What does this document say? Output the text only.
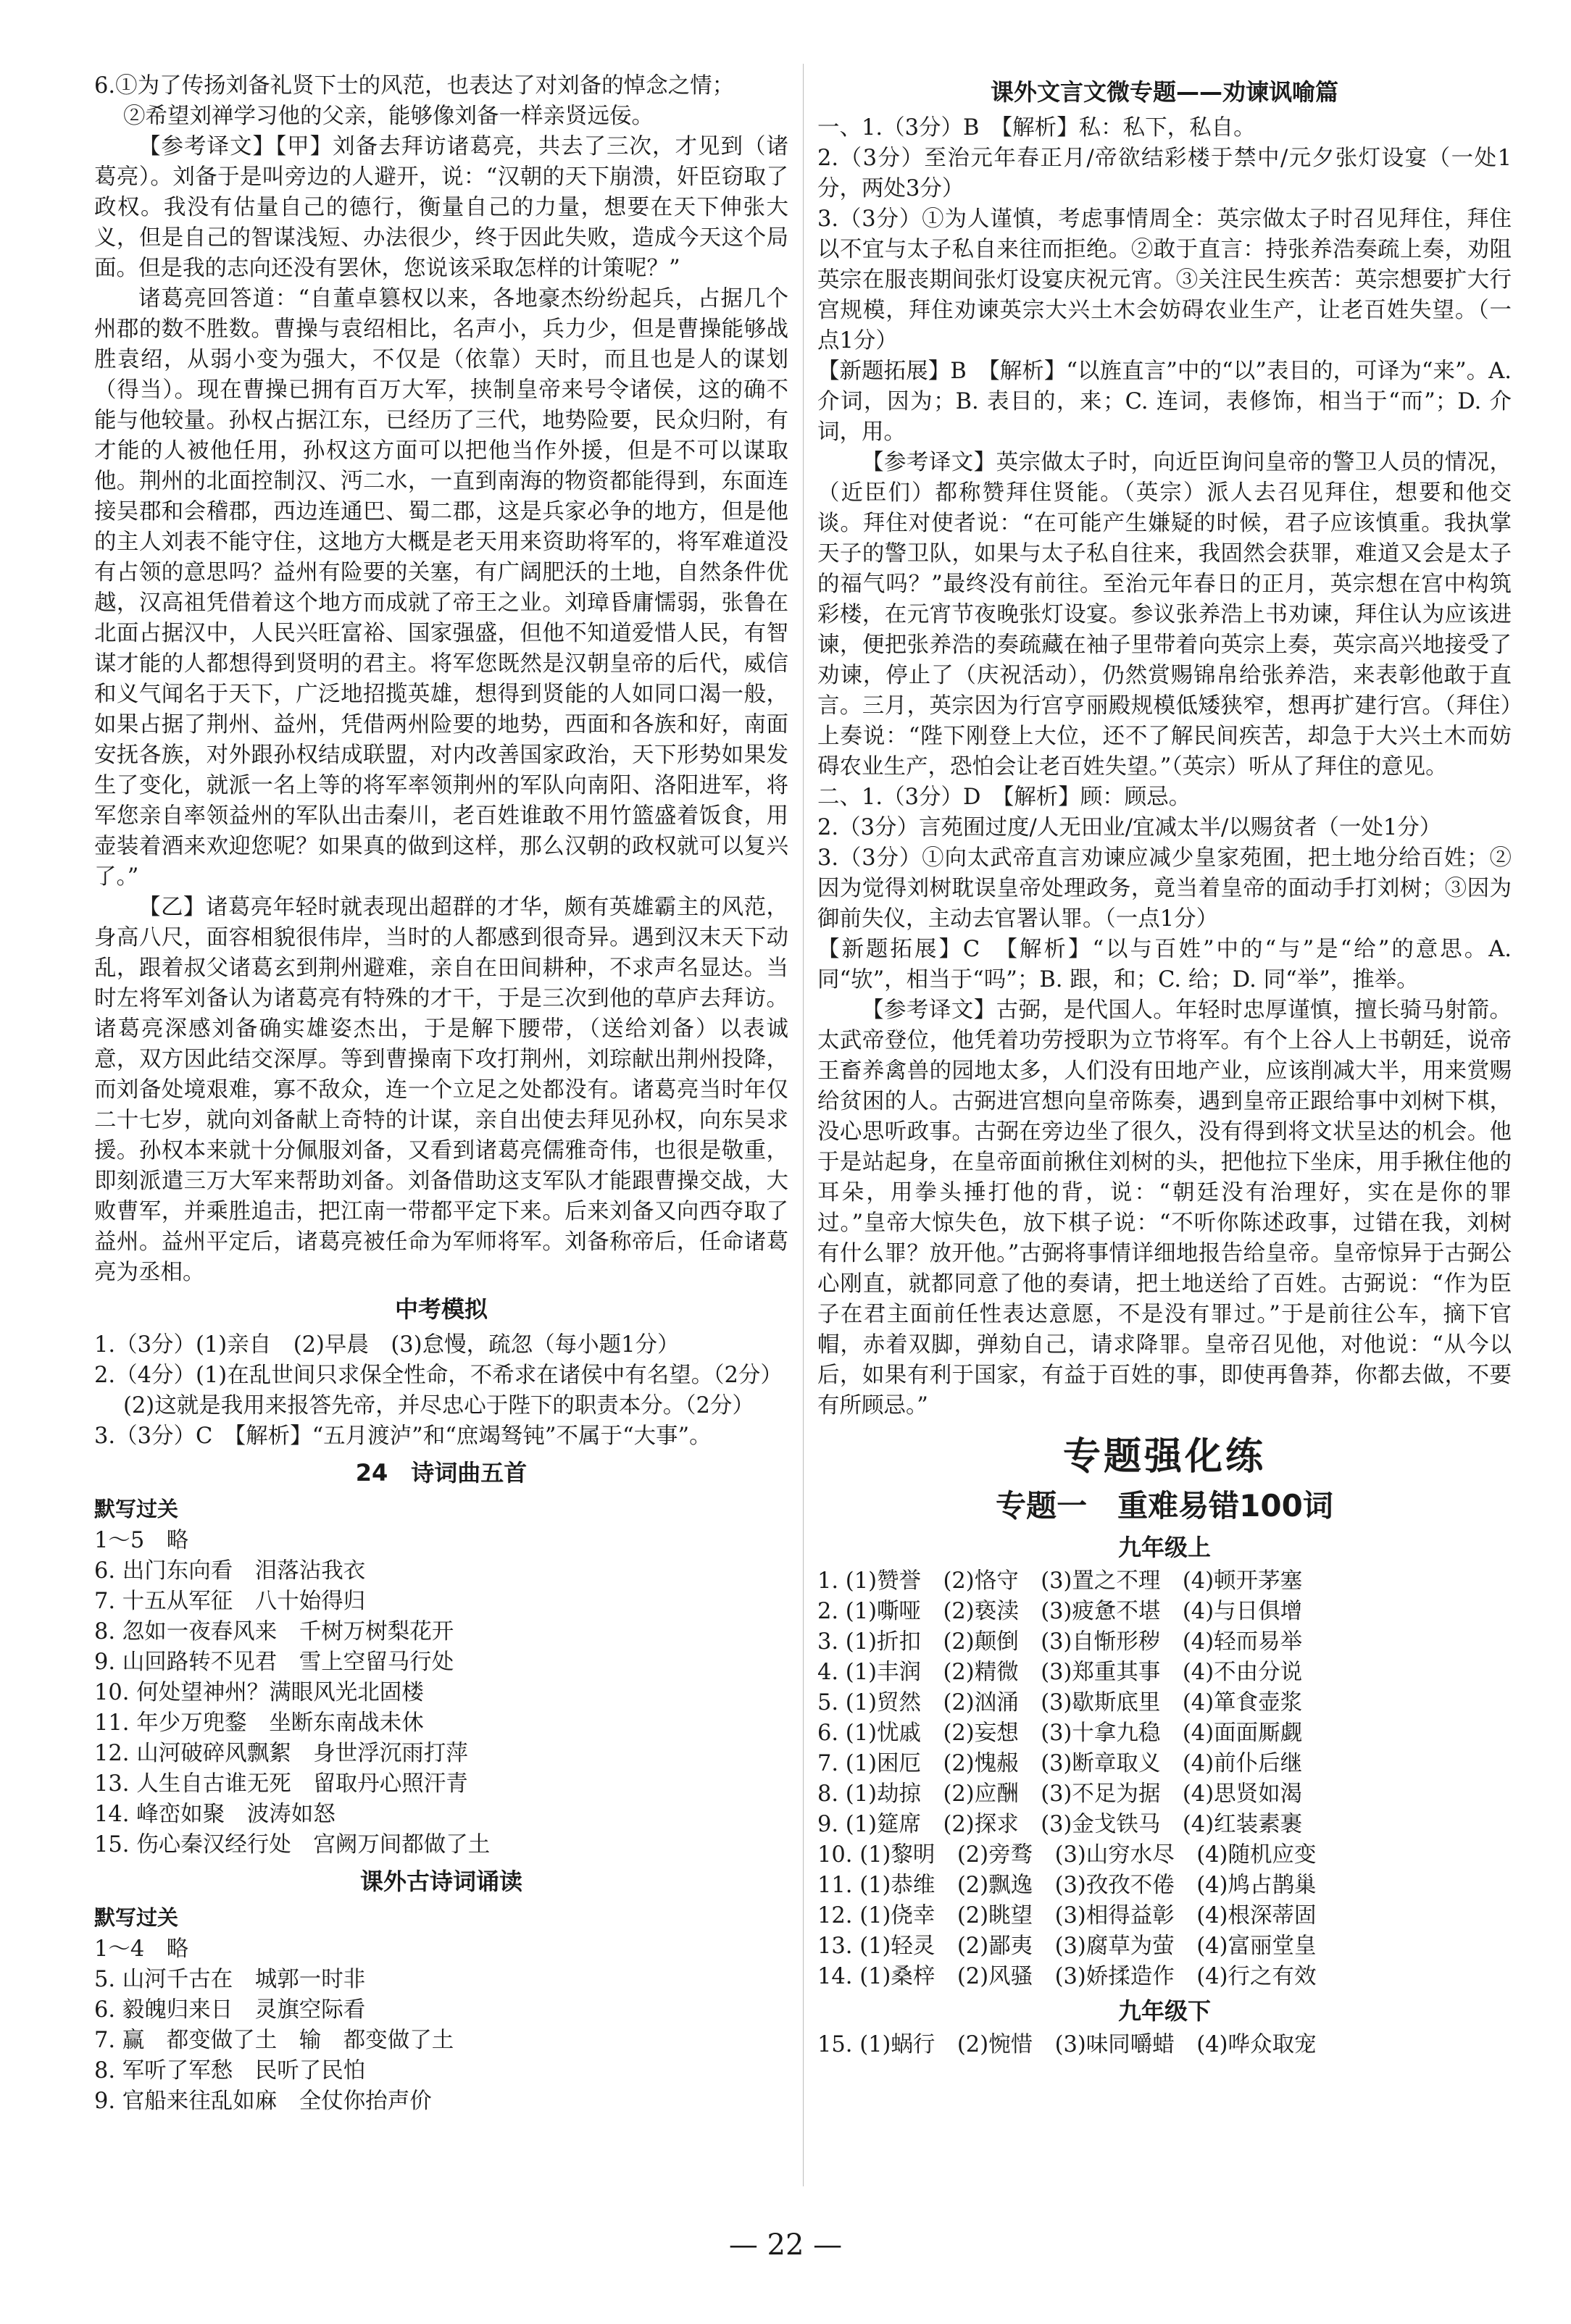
6.①为了传扬刘备礼贤下士的风范，也表达了对刘备的悼念之情；

②希望刘禅学习他的父亲，能够像刘备一样亲贤远佞。

【参考译文】【甲】刘备去拜访诸葛亮，共去了三次，才见到（诸葛亮）。刘备于是叫旁边的人避开，说：“汉朝的天下崩溃，奸臣窃取了政权。我没有估量自己的德行，衡量自己的力量，想要在天下伸张大义，但是自己的智谋浅短、办法很少，终于因此失败，造成今天这个局面。但是我的志向还没有罢休，您说该采取怎样的计策呢？”

诸葛亮回答道：“自董卓篡权以来，各地豪杰纷纷起兵，占据几个州郡的数不胜数。曹操与袁绍相比，名声小，兵力少，但是曹操能够战胜袁绍，从弱小变为强大，不仅是（依靠）天时，而且也是人的谋划（得当）。现在曹操已拥有百万大军，挟制皇帝来号令诸侯，这的确不能与他较量。孙权占据江东，已经历了三代，地势险要，民众归附，有才能的人被他任用，孙权这方面可以把他当作外援，但是不可以谋取他。荆州的北面控制汉、沔二水，一直到南海的物资都能得到，东面连接吴郡和会稽郡，西边连通巴、蜀二郡，这是兵家必争的地方，但是他的主人刘表不能守住，这地方大概是老天用来资助将军的，将军难道没有占领的意思吗？益州有险要的关塞，有广阔肥沃的土地，自然条件优越，汉高祖凭借着这个地方而成就了帝王之业。刘璋昏庸懦弱，张鲁在北面占据汉中，人民兴旺富裕、国家强盛，但他不知道爱惜人民，有智谋才能的人都想得到贤明的君主。将军您既然是汉朝皇帝的后代，威信和义气闻名于天下，广泛地招揽英雄，想得到贤能的人如同口渴一般，如果占据了荆州、益州，凭借两州险要的地势，西面和各族和好，南面安抚各族，对外跟孙权结成联盟，对内改善国家政治，天下形势如果发生了变化，就派一名上等的将军率领荆州的军队向南阳、洛阳进军，将军您亲自率领益州的军队出击秦川，老百姓谁敢不用竹篮盛着饭食，用壶装着酒来欢迎您呢？如果真的做到这样，那么汉朝的政权就可以复兴了。”

【乙】诸葛亮年轻时就表现出超群的才华，颇有英雄霸主的风范，身高八尺，面容相貌很伟岸，当时的人都感到很奇异。遇到汉末天下动乱，跟着叔父诸葛玄到荆州避难，亲自在田间耕种，不求声名显达。当时左将军刘备认为诸葛亮有特殊的才干，于是三次到他的草庐去拜访。诸葛亮深感刘备确实雄姿杰出，于是解下腰带，（送给刘备）以表诚意，双方因此结交深厚。等到曹操南下攻打荆州，刘琮献出荆州投降，而刘备处境艰难，寡不敌众，连一个立足之处都没有。诸葛亮当时年仅二十七岁，就向刘备献上奇特的计谋，亲自出使去拜见孙权，向东吴求援。孙权本来就十分佩服刘备，又看到诸葛亮儒雅奇伟，也很是敬重，即刻派遣三万大军来帮助刘备。刘备借助这支军队才能跟曹操交战，大败曹军，并乘胜追击，把江南一带都平定下来。后来刘备又向西夺取了益州。益州平定后，诸葛亮被任命为军师将军。刘备称帝后，任命诸葛亮为丞相。

中考模拟

1.（3分）(1)亲自　(2)早晨　(3)怠慢，疏忽（每小题1分）

2.（4分）(1)在乱世间只求保全性命，不希求在诸侯中有名望。（2分）

(2)这就是我用来报答先帝，并尽忠心于陛下的职责本分。（2分）

3.（3分）C　【解析】“五月渡泸”和“庶竭驽钝”不属于“大事”。

24　诗词曲五首
默写过关

1～5　略

6. 出门东向看　泪落沾我衣

7. 十五从军征　八十始得归

8. 忽如一夜春风来　千树万树梨花开

9. 山回路转不见君　雪上空留马行处

10. 何处望神州？满眼风光北固楼

11. 年少万兜鍪　坐断东南战未休

12. 山河破碎风飘絮　身世浮沉雨打萍

13. 人生自古谁无死　留取丹心照汗青

14. 峰峦如聚　波涛如怒

15. 伤心秦汉经行处　宫阙万间都做了土

课外古诗词诵读
默写过关

1～4　略

5. 山河千古在　城郭一时非

6. 毅魄归来日　灵旗空际看

7. 赢　都变做了土　输　都变做了土

8. 军听了军愁　民听了民怕

9. 官船来往乱如麻　全仗你抬声价

课外文言文微专题——劝谏讽喻篇

一、1.（3分）B　【解析】私：私下，私自。

2.（3分）至治元年春正月/帝欲结彩楼于禁中/元夕张灯设宴（一处1分，两处3分）

3.（3分）①为人谨慎，考虑事情周全：英宗做太子时召见拜住，拜住以不宜与太子私自来往而拒绝。②敢于直言：持张养浩奏疏上奏，劝阻英宗在服丧期间张灯设宴庆祝元宵。③关注民生疾苦：英宗想要扩大行宫规模，拜住劝谏英宗大兴土木会妨碍农业生产，让老百姓失望。（一点1分）

【新题拓展】B　【解析】“以旌直言”中的“以”表目的，可译为“来”。A. 介词，因为；B. 表目的，来；C. 连词，表修饰，相当于“而”；D. 介词，用。

【参考译文】英宗做太子时，向近臣询问皇帝的警卫人员的情况，（近臣们）都称赞拜住贤能。（英宗）派人去召见拜住，想要和他交谈。拜住对使者说：“在可能产生嫌疑的时候，君子应该慎重。我执掌天子的警卫队，如果与太子私自往来，我固然会获罪，难道又会是太子的福气吗？”最终没有前往。至治元年春日的正月，英宗想在宫中构筑彩楼，在元宵节夜晚张灯设宴。参议张养浩上书劝谏，拜住认为应该进谏，便把张养浩的奏疏藏在袖子里带着向英宗上奏，英宗高兴地接受了劝谏，停止了（庆祝活动），仍然赏赐锦帛给张养浩，来表彰他敢于直言。三月，英宗因为行宫亨丽殿规模低矮狭窄，想再扩建行宫。（拜住）上奏说：“陛下刚登上大位，还不了解民间疾苦，却急于大兴土木而妨碍农业生产，恐怕会让老百姓失望。”（英宗）听从了拜住的意见。

二、1.（3分）D　【解析】顾：顾忌。

2.（3分）言苑囿过度/人无田业/宜减太半/以赐贫者（一处1分）

3.（3分）①向太武帝直言劝谏应减少皇家苑囿，把土地分给百姓；②因为觉得刘树耽误皇帝处理政务，竟当着皇帝的面动手打刘树；③因为御前失仪，主动去官署认罪。（一点1分）

【新题拓展】C　【解析】“以与百姓”中的“与”是“给”的意思。A. 同“欤”，相当于“吗”；B. 跟，和；C. 给；D. 同“举”，推举。

【参考译文】古弼，是代国人。年轻时忠厚谨慎，擅长骑马射箭。太武帝登位，他凭着功劳授职为立节将军。有个上谷人上书朝廷，说帝王畜养禽兽的园地太多，人们没有田地产业，应该削减大半，用来赏赐给贫困的人。古弼进宫想向皇帝陈奏，遇到皇帝正跟给事中刘树下棋，没心思听政事。古弼在旁边坐了很久，没有得到将文状呈达的机会。他于是站起身，在皇帝面前揪住刘树的头，把他拉下坐床，用手揪住他的耳朵，用拳头捶打他的背，说：“朝廷没有治理好，实在是你的罪过。”皇帝大惊失色，放下棋子说：“不听你陈述政事，过错在我，刘树有什么罪？放开他。”古弼将事情详细地报告给皇帝。皇帝惊异于古弼公心刚直，就都同意了他的奏请，把土地送给了百姓。古弼说：“作为臣子在君主面前任性表达意愿，不是没有罪过。”于是前往公车，摘下官帽，赤着双脚，弹劾自己，请求降罪。皇帝召见他，对他说：“从今以后，如果有利于国家，有益于百姓的事，即使再鲁莽，你都去做，不要有所顾忌。”

专题强化练
专题一　重难易错100词
九年级上

1. (1)赞誉　(2)恪守　(3)置之不理　(4)顿开茅塞

2. (1)嘶哑　(2)亵渎　(3)疲惫不堪　(4)与日俱增

3. (1)折扣　(2)颠倒　(3)自惭形秽　(4)轻而易举

4. (1)丰润　(2)精微　(3)郑重其事　(4)不由分说

5. (1)贸然　(2)汹涌　(3)歇斯底里　(4)箪食壶浆

6. (1)忧戚　(2)妄想　(3)十拿九稳　(4)面面厮觑

7. (1)困厄　(2)愧赧　(3)断章取义　(4)前仆后继

8. (1)劫掠　(2)应酬　(3)不足为据　(4)思贤如渴

9. (1)筵席　(2)探求　(3)金戈铁马　(4)红装素裹

10. (1)黎明　(2)旁骛　(3)山穷水尽　(4)随机应变

11. (1)恭维　(2)飘逸　(3)孜孜不倦　(4)鸠占鹊巢

12. (1)侥幸　(2)眺望　(3)相得益彰　(4)根深蒂固

13. (1)轻灵　(2)鄙夷　(3)腐草为萤　(4)富丽堂皇

14. (1)桑梓　(2)风骚　(3)娇揉造作　(4)行之有效

九年级下

15. (1)蜗行　(2)惋惜　(3)味同嚼蜡　(4)哗众取宠

— 22 —
